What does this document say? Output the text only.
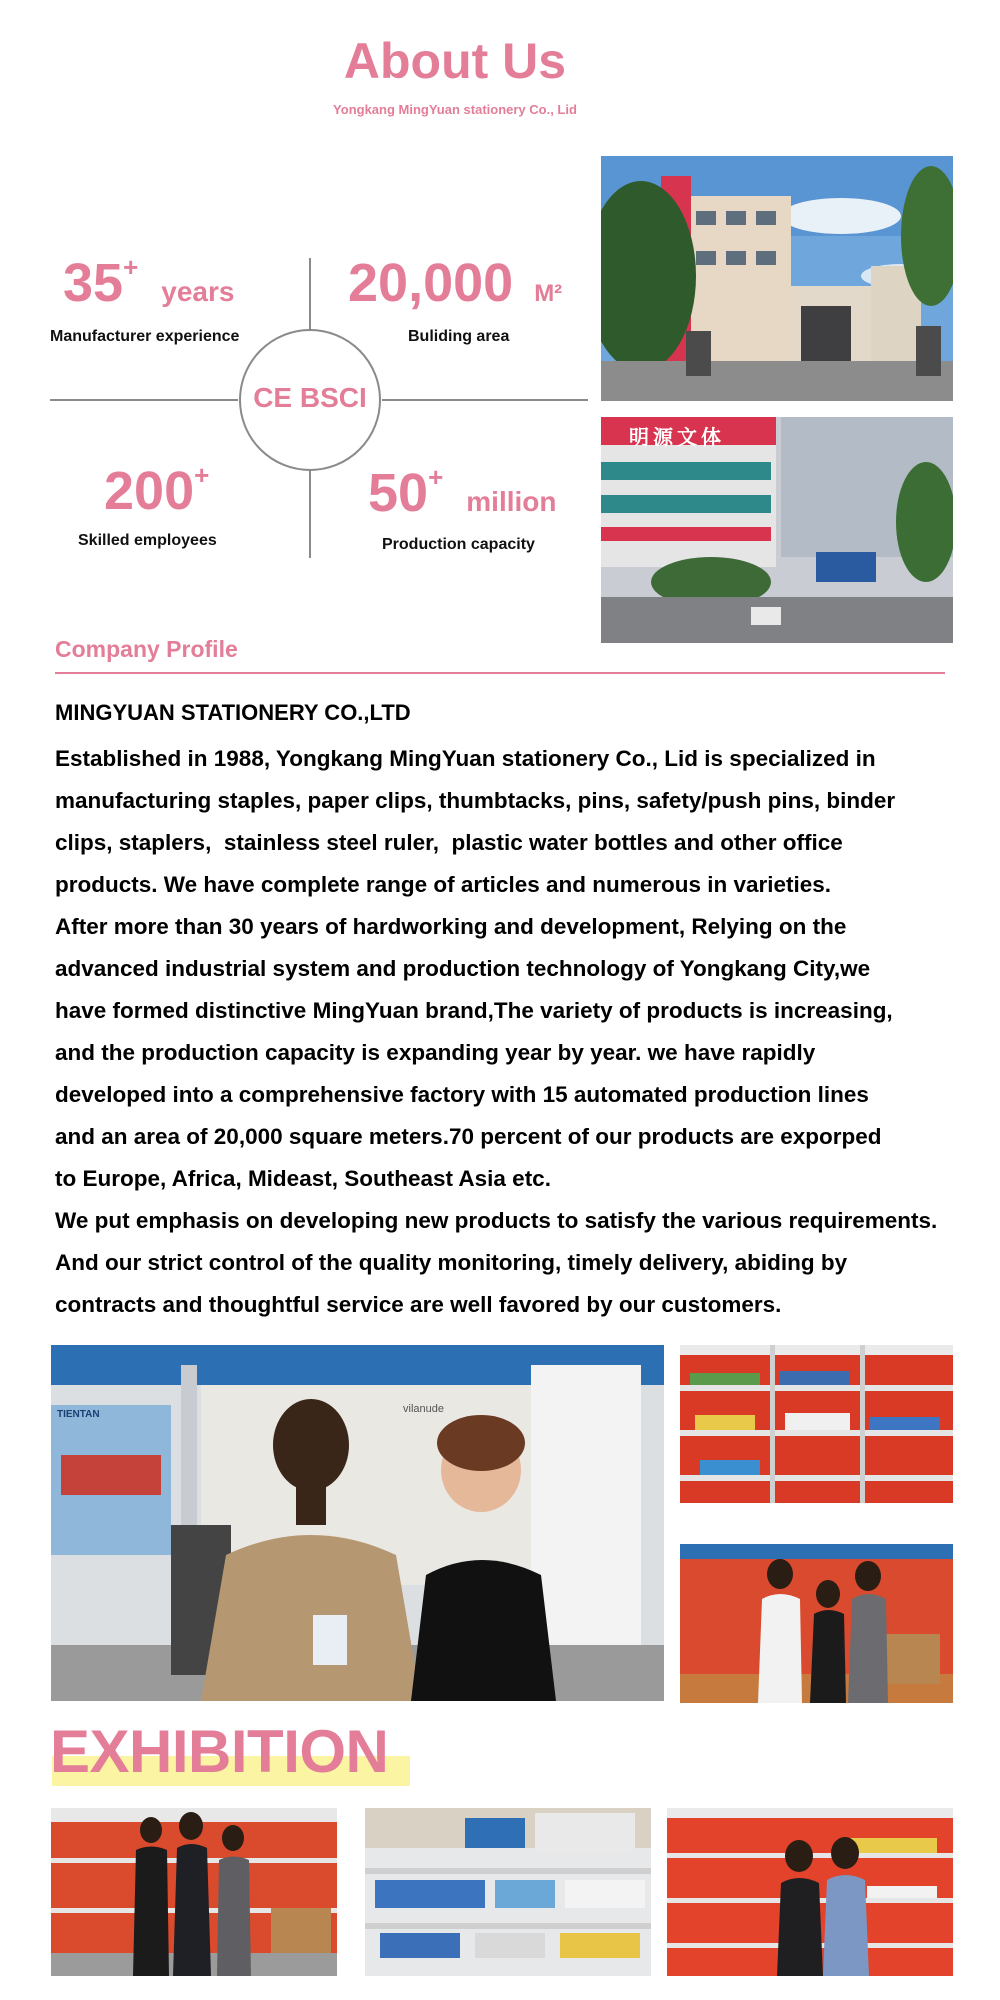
About Us
Yongkang MingYuan stationery Co., Lid
CE BSCI
35+ years
Manufacturer experience
20,000 M²
Buliding area
200+
Skilled employees
50+ million
Production capacity
明源文体
Company Profile
MINGYUAN STATIONERY CO.,LTD
Established in 1988, Yongkang MingYuan stationery Co., Lid is specialized in
manufacturing staples, paper clips, thumbtacks, pins, safety/push pins, binder
clips, staplers,  stainless steel ruler,  plastic water bottles and other office
products. We have complete range of articles and numerous in varieties.
After more than 30 years of hardworking and development, Relying on the
advanced industrial system and production technology of Yongkang City,we
have formed distinctive MingYuan brand,The variety of products is increasing,
and the production capacity is expanding year by year. we have rapidly
developed into a comprehensive factory with 15 automated production lines
and an area of 20,000 square meters.70 percent of our products are exporped
to Europe, Africa, Mideast, Southeast Asia etc.
We put emphasis on developing new products to satisfy the various requirements.
And our strict control of the quality monitoring, timely delivery, abiding by
contracts and thoughtful service are well favored by our customers.
TIENTAN	vilanude
EXHIBITION
